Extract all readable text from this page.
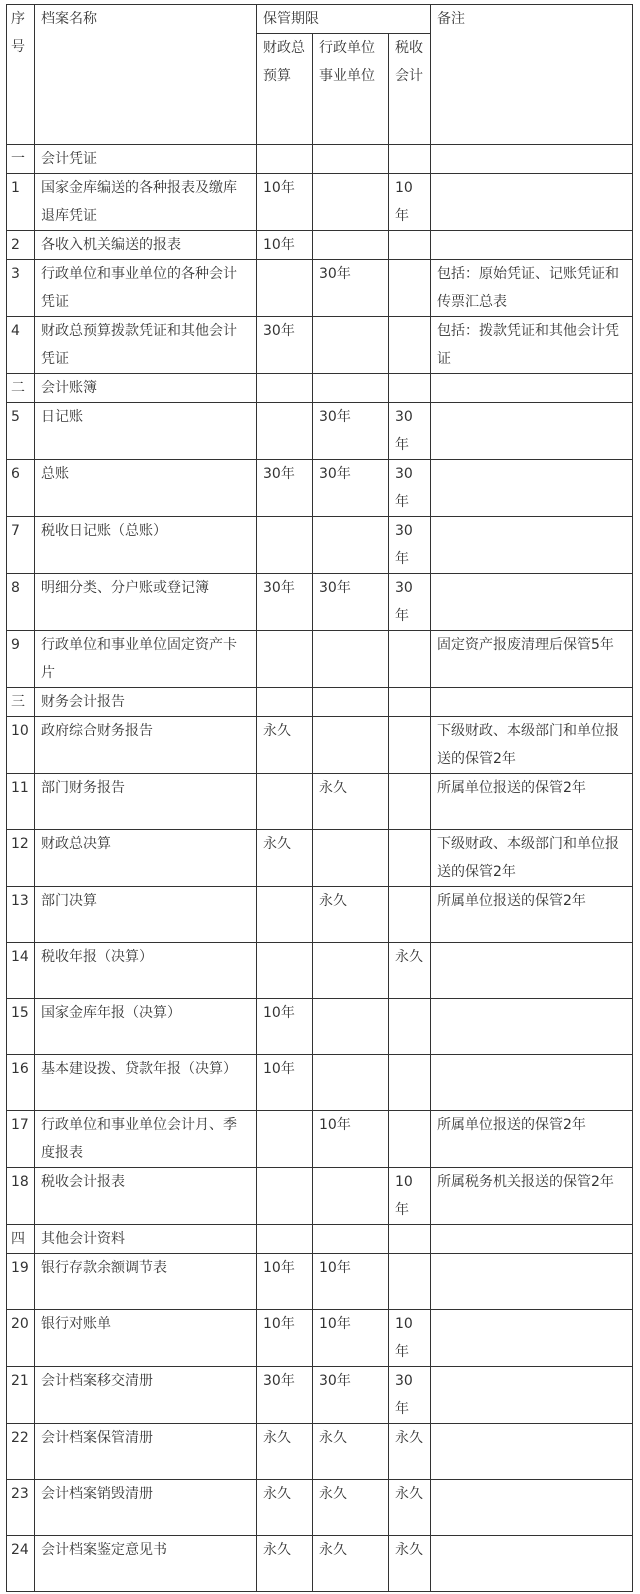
序号	档案名称	保管期限			备注
		财政总预算	行政单位事业单位	税收会计	
一	会计凭证				
1	国家金库编送的各种报表及缴库退库凭证	10年		10年	
2	各收入机关编送的报表	10年			
3	行政单位和事业单位的各种会计凭证		30年		包括：原始凭证、记账凭证和传票汇总表
4	财政总预算拨款凭证和其他会计凭证	30年			包括：拨款凭证和其他会计凭证
二	会计账簿				
5	日记账		30年	30年	
6	总账	30年	30年	30年	
7	税收日记账（总账）			30年	
8	明细分类、分户账或登记簿	30年	30年	30年	
9	行政单位和事业单位固定资产卡片				固定资产报废清理后保管5年
三	财务会计报告				
10	政府综合财务报告	永久			下级财政、本级部门和单位报送的保管2年
11	部门财务报告		永久		所属单位报送的保管2年
12	财政总决算	永久			下级财政、本级部门和单位报送的保管2年
13	部门决算		永久		所属单位报送的保管2年
14	税收年报（决算）			永久	
15	国家金库年报（决算）	10年			
16	基本建设拨、贷款年报（决算）	10年			
17	行政单位和事业单位会计月、季度报表		10年		所属单位报送的保管2年
18	税收会计报表			10年	所属税务机关报送的保管2年
四	其他会计资料				
19	银行存款余额调节表	10年	10年		
20	银行对账单	10年	10年	10年	
21	会计档案移交清册	30年	30年	30年	
22	会计档案保管清册	永久	永久	永久	
23	会计档案销毁清册	永久	永久	永久	
24	会计档案鉴定意见书	永久	永久	永久	
